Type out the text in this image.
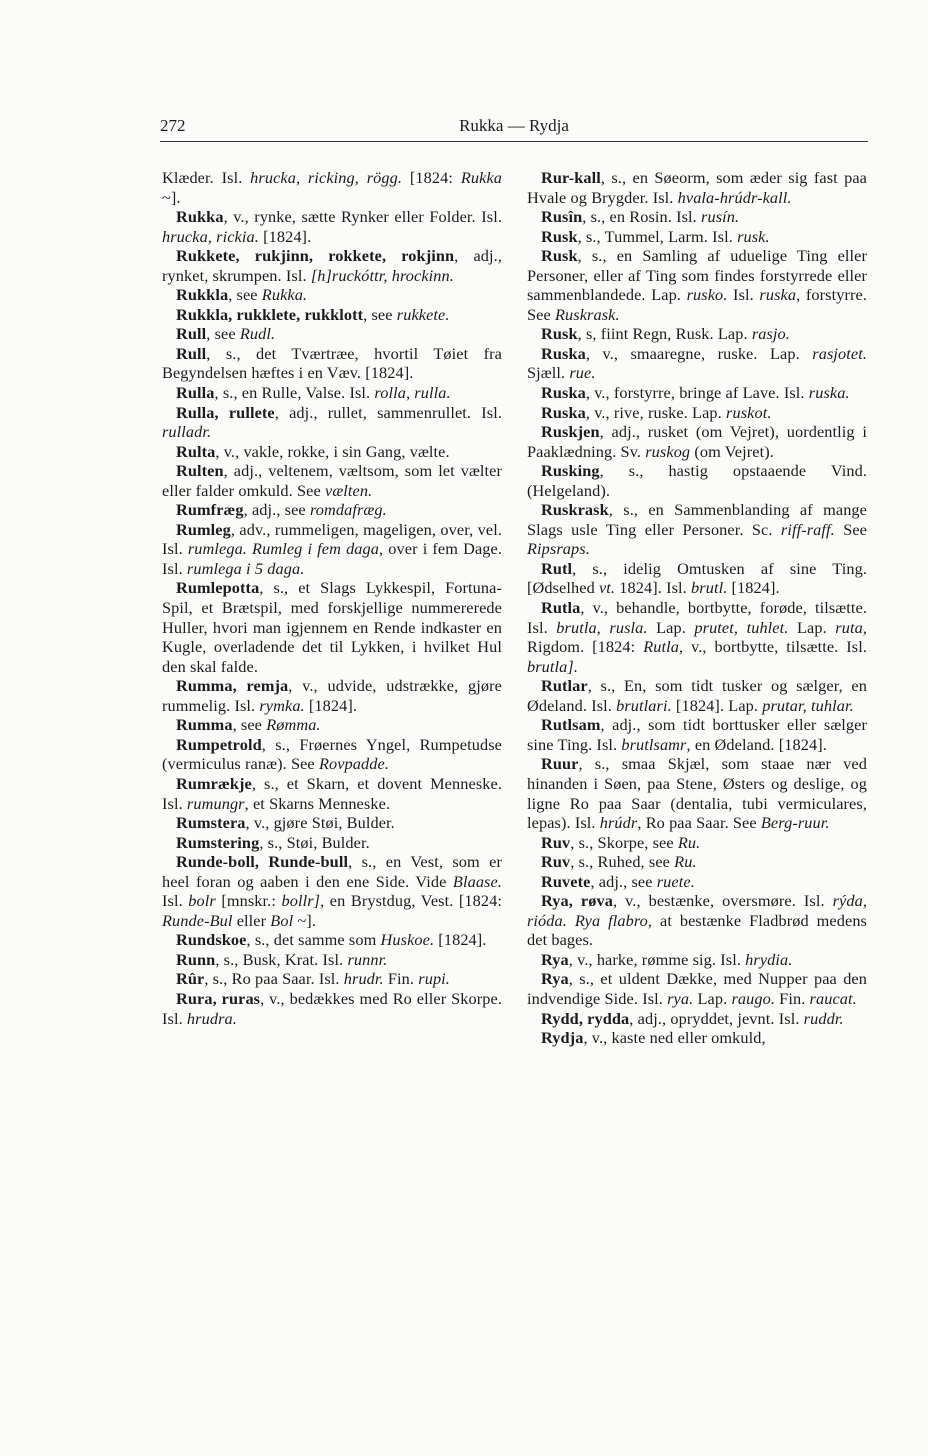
272	Rukka — Rydja

Klæder. Isl. hrucka, ricking, rögg. [1824: Rukka ~].

Rukka, v., rynke, sætte Rynker eller Folder. Isl. hrucka, rickia. [1824].

Rukkete, rukjinn, rokkete, rokjinn, adj., rynket, skrumpen. Isl. [h]ruckóttr, hrockinn.

Rukkla, see Rukka.

Rukkla, rukklete, rukklott, see rukkete.

Rull, see Rudl.

Rull, s., det Tværtræe, hvortil Tøiet fra Begyndelsen hæftes i en Væv. [1824].

Rulla, s., en Rulle, Valse. Isl. rolla, rulla.

Rulla, rullete, adj., rullet, sammenrullet. Isl. rulladr.

Rulta, v., vakle, rokke, i sin Gang, vælte.

Rulten, adj., veltenem, væltsom, som let vælter eller falder omkuld. See vælten.

Rumfræg, adj., see romdafræg.

Rumleg, adv., rummeligen, mageligen, over, vel. Isl. rumlega. Rumleg i fem daga, over i fem Dage. Isl. rumlega i 5 daga.

Rumlepotta, s., et Slags Lykkespil, Fortuna-Spil, et Brætspil, med forskjellige nummererede Huller, hvori man igjennem en Rende indkaster en Kugle, overladende det til Lykken, i hvilket Hul den skal falde.

Rumma, remja, v., udvide, udstrække, gjøre rummelig. Isl. rymka. [1824].

Rumma, see Rømma.

Rumpetrold, s., Frøernes Yngel, Rumpetudse (vermiculus ranæ). See Rovpadde.

Rumrækje, s., et Skarn, et dovent Menneske. Isl. rumungr, et Skarns Menneske.

Rumstera, v., gjøre Støi, Bulder.

Rumstering, s., Støi, Bulder.

Runde-boll, Runde-bull, s., en Vest, som er heel foran og aaben i den ene Side. Vide Blaase. Isl. bolr [mnskr.: bollr], en Brystdug, Vest. [1824: Runde-Bul eller Bol ~].

Rundskoe, s., det samme som Huskoe. [1824].

Runn, s., Busk, Krat. Isl. runnr.

Rûr, s., Ro paa Saar. Isl. hrudr. Fin. rupi.

Rura, ruras, v., bedækkes med Ro eller Skorpe. Isl. hrudra.

Rur-kall, s., en Søeorm, som æder sig fast paa Hvale og Brygder. Isl. hvala-hrúdr-kall.

Rusîn, s., en Rosin. Isl. rusín.

Rusk, s., Tummel, Larm. Isl. rusk.

Rusk, s., en Samling af uduelige Ting eller Personer, eller af Ting som findes forstyrrede eller sammenblandede. Lap. rusko. Isl. ruska, forstyrre. See Ruskrask.

Rusk, s, fiint Regn, Rusk. Lap. rasjo.

Ruska, v., smaaregne, ruske. Lap. rasjotet. Sjæll. rue.

Ruska, v., forstyrre, bringe af Lave. Isl. ruska.

Ruska, v., rive, ruske. Lap. ruskot.

Ruskjen, adj., rusket (om Vejret), uordentlig i Paaklædning. Sv. ruskog (om Vejret).

Rusking, s., hastig opstaaende Vind. (Helgeland).

Ruskrask, s., en Sammenblanding af mange Slags usle Ting eller Personer. Sc. riff-raff. See Ripsraps.

Rutl, s., idelig Omtusken af sine Ting. [Ødselhed vt. 1824]. Isl. brutl. [1824].

Rutla, v., behandle, bortbytte, forøde, tilsætte. Isl. brutla, rusla. Lap. prutet, tuhlet. Lap. ruta, Rigdom. [1824: Rutla, v., bortbytte, tilsætte. Isl. brutla].

Rutlar, s., En, som tidt tusker og sælger, en Ødeland. Isl. brutlari. [1824]. Lap. prutar, tuhlar.

Rutlsam, adj., som tidt borttusker eller sælger sine Ting. Isl. brutlsamr, en Ødeland. [1824].

Ruur, s., smaa Skjæl, som staae nær ved hinanden i Søen, paa Stene, Østers og deslige, og ligne Ro paa Saar (dentalia, tubi vermiculares, lepas). Isl. hrúdr, Ro paa Saar. See Berg-ruur.

Ruv, s., Skorpe, see Ru.

Ruv, s., Ruhed, see Ru.

Ruvete, adj., see ruete.

Rya, røva, v., bestænke, oversmøre. Isl. rýda, rióda. Rya flabro, at bestænke Fladbrød medens det bages.

Rya, v., harke, rømme sig. Isl. hrydia.

Rya, s., et uldent Dække, med Nupper paa den indvendige Side. Isl. rya. Lap. raugo. Fin. raucat.

Rydd, rydda, adj., opryddet, jevnt. Isl. ruddr.

Rydja, v., kaste ned eller omkuld,
